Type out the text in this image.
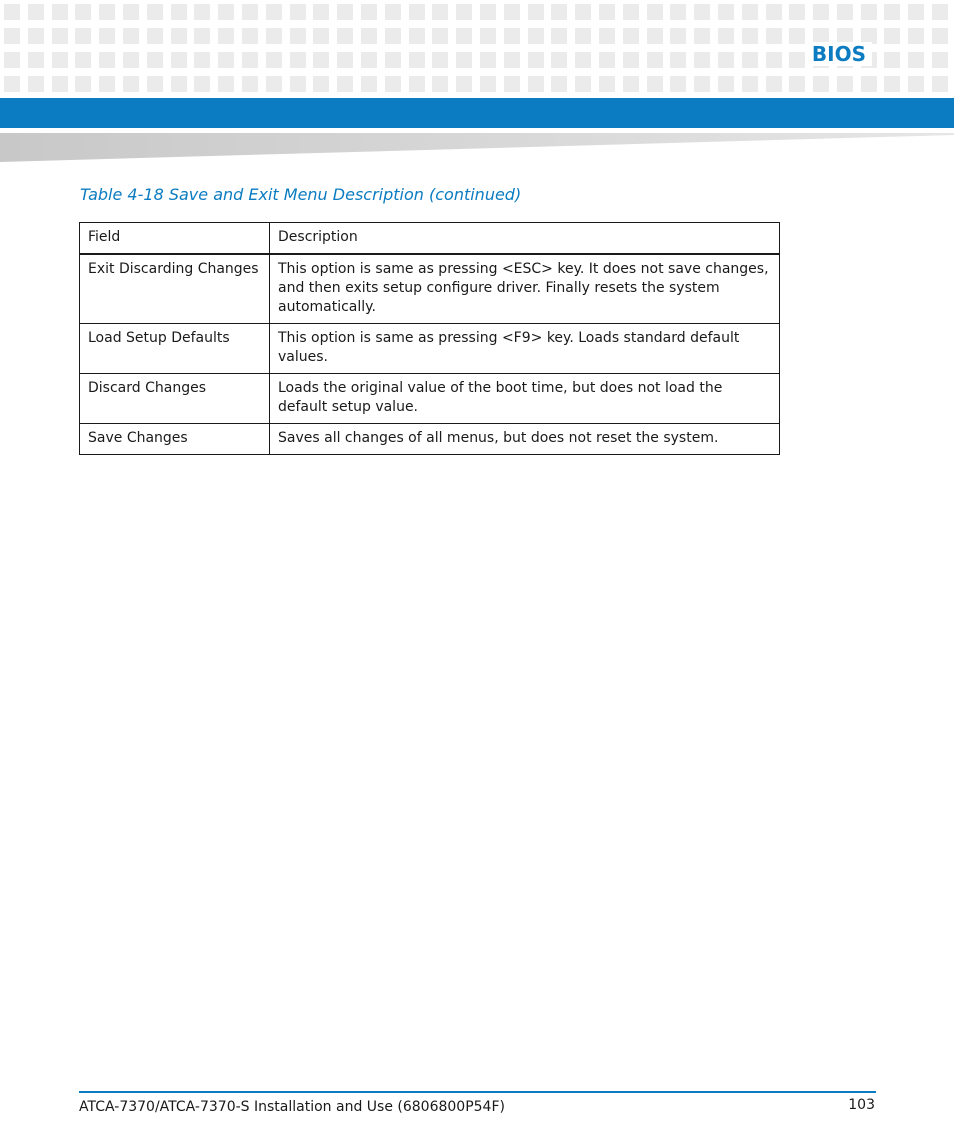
BIOS
Table 4-18 Save and Exit Menu Description (continued)
Field	Description
Exit Discarding Changes	This option is same as pressing <ESC> key. It does not save changes, and then exits setup configure driver. Finally resets the system automatically.
Load Setup Defaults	This option is same as pressing <F9> key. Loads standard default values.
Discard Changes	Loads the original value of the boot time, but does not load the default setup value.
Save Changes	Saves all changes of all menus, but does not reset the system.
ATCA-7370/ATCA-7370-S Installation and Use (6806800P54F)	103
